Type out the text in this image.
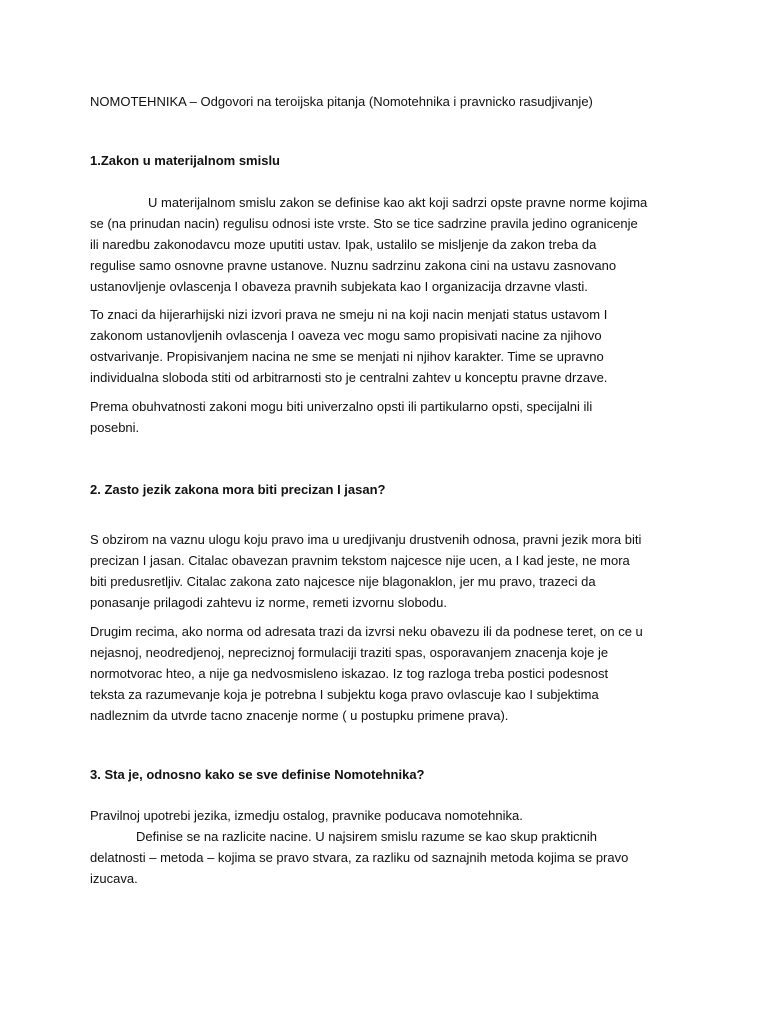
NOMOTEHNIKA – Odgovori na teroijska pitanja (Nomotehnika i pravnicko rasudjivanje)
1.Zakon u materijalnom smislu
U materijalnom smislu zakon se definise kao akt koji sadrzi opste pravne norme kojima
se (na prinudan nacin) regulisu odnosi iste vrste. Sto se tice sadrzine pravila jedino ogranicenje
ili naredbu zakonodavcu moze uputiti ustav. Ipak, ustalilo se misljenje da zakon treba da
regulise samo osnovne pravne ustanove. Nuznu sadrzinu zakona cini na ustavu zasnovano
ustanovljenje ovlascenja I obaveza pravnih subjekata kao I organizacija drzavne vlasti.
To znaci da hijerarhijski nizi izvori prava ne smeju ni na koji nacin menjati status ustavom I
zakonom ustanovljenih ovlascenja I oaveza vec mogu samo propisivati nacine za njihovo
ostvarivanje. Propisivanjem nacina ne sme se menjati ni njihov karakter. Time se upravno
individualna sloboda stiti od arbitrarnosti sto je centralni zahtev u konceptu pravne drzave.
Prema obuhvatnosti zakoni mogu biti univerzalno opsti ili partikularno opsti, specijalni ili
posebni.
2. Zasto jezik zakona mora biti precizan I jasan?
S obzirom na vaznu ulogu koju pravo ima u uredjivanju drustvenih odnosa, pravni jezik mora biti
precizan I jasan. Citalac obavezan pravnim tekstom najcesce nije ucen, a I kad jeste, ne mora
biti predusretljiv. Citalac zakona zato najcesce nije blagonaklon, jer mu pravo, trazeci da
ponasanje prilagodi zahtevu iz norme, remeti izvornu slobodu.
Drugim recima, ako norma od adresata trazi da izvrsi neku obavezu ili da podnese teret, on ce u
nejasnoj, neodredjenoj, nepreciznoj formulaciji traziti spas, osporavanjem znacenja koje je
normotvorac hteo, a nije ga nedvosmisleno iskazao. Iz tog razloga treba postici podesnost
teksta za razumevanje koja je potrebna I subjektu koga pravo ovlascuje kao I subjektima
nadleznim da utvrde tacno znacenje norme ( u postupku primene prava).
3. Sta je, odnosno kako se sve definise Nomotehnika?
Pravilnoj upotrebi jezika, izmedju ostalog, pravnike poducava nomotehnika.
Definise se na razlicite nacine. U najsirem smislu razume se kao skup prakticnih
delatnosti – metoda – kojima se pravo stvara, za razliku od saznajnih metoda kojima se pravo
izucava.
